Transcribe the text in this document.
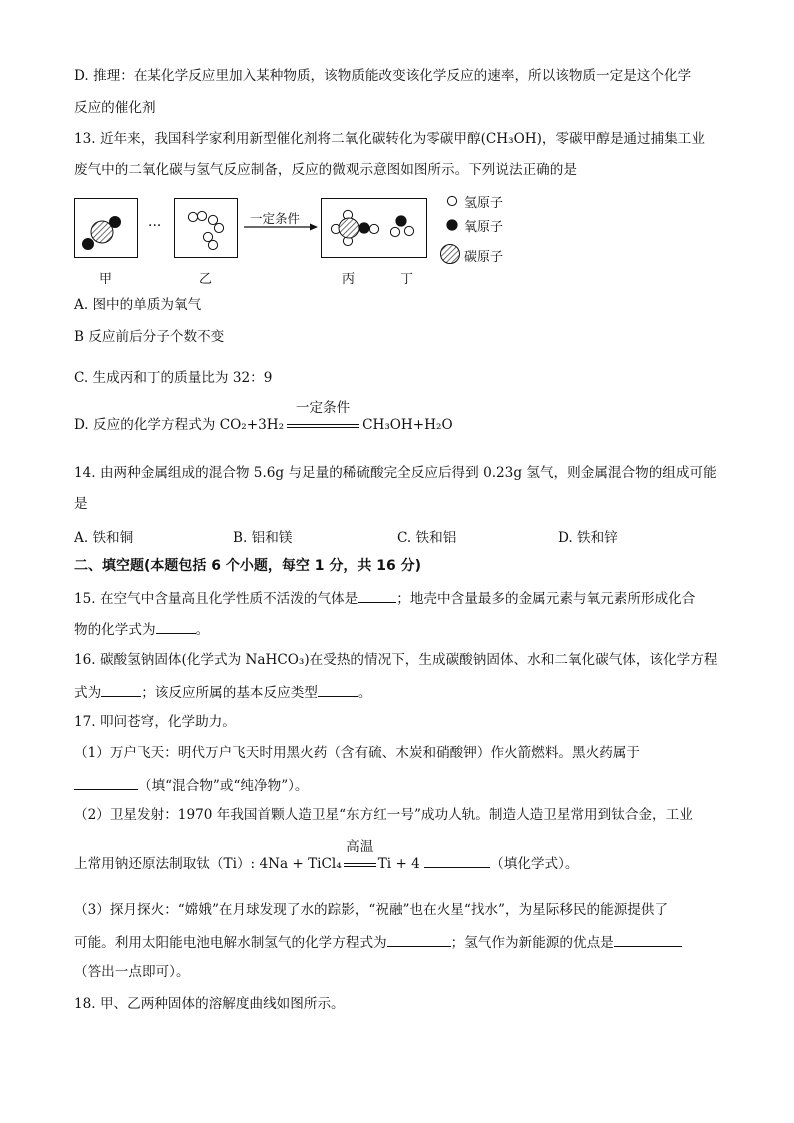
D. 推理：在某化学反应里加入某种物质，该物质能改变该化学反应的速率，所以该物质一定是这个化学
反应的催化剂
13. 近年来，我国科学家利用新型催化剂将二氧化碳转化为零碳甲醇(CH₃OH)，零碳甲醇是通过捕集工业
废气中的二氧化碳与氢气反应制备，反应的微观示意图如图所示。下列说法正确的是
甲
···
乙
一定条件
丙	丁
氢原子
氧原子
碳原子
A. 图中的单质为氧气
B 反应前后分子个数不变
C. 生成丙和丁的质量比为 32：9
D. 反应的化学方程式为 CO₂+3H₂
一定条件
CH₃OH+H₂O
14. 由两种金属组成的混合物 5.6g 与足量的稀硫酸完全反应后得到 0.23g 氢气，则金属混合物的组成可能
是
A. 铁和铜	B. 铝和镁	C. 铁和铝	D. 铁和锌
二、填空题(本题包括 6 个小题，每空 1 分，共 16 分)
15. 在空气中含量高且化学性质不活泼的气体是	；地壳中含量最多的金属元素与氧元素所形成化合
物的化学式为	。
16. 碳酸氢钠固体(化学式为 NaHCO₃)在受热的情况下，生成碳酸钠固体、水和二氧化碳气体，该化学方程
式为	；该反应所属的基本反应类型	。
17. 叩问苍穹，化学助力。
（1）万户飞天：明代万户飞天时用黑火药（含有硫、木炭和硝酸钾）作火箭燃料。黑火药属于
（填“混合物”或“纯净物”）。
（2）卫星发射：1970 年我国首颗人造卫星“东方红一号”成功人轨。制造人造卫星常用到钛合金，工业
上常用钠还原法制取钛（Ti）: 4Na + TiCl₄
高温
Ti + 4	（填化学式）。
（3）探月探火：“嫦娥”在月球发现了水的踪影，“祝融”也在火星“找水”，为星际移民的能源提供了
可能。利用太阳能电池电解水制氢气的化学方程式为	；氢气作为新能源的优点是
（答出一点即可）。
18. 甲、乙两种固体的溶解度曲线如图所示。
